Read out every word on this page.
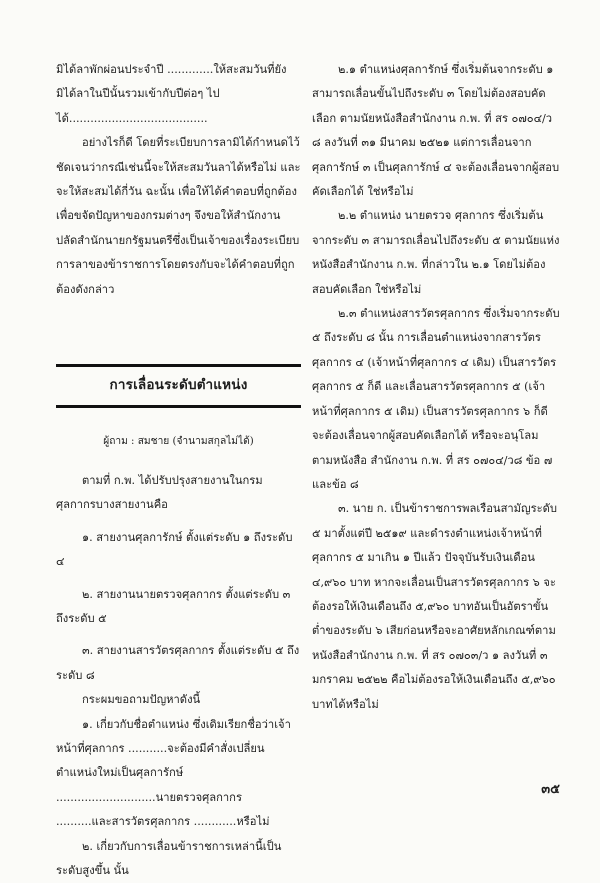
มิได้ลาพักผ่อนประจำปี .............ให้สะสมวันที่ยังมิได้ลาในปีนั้นรวมเข้ากับปีต่อๆ ไปได้.......................................

อย่างไรก็ดี โดยที่ระเบียบการลามิได้กำหนดไว้ชัดเจนว่ากรณีเช่นนี้จะให้สะสมวันลาได้หรือไม่ และจะให้สะสมได้กี่วัน ฉะนั้น เพื่อให้ได้คำตอบที่ถูกต้องเพื่อขจัดปัญหาของกรมต่างๆ จึงขอให้สำนักงานปลัดสำนักนายกรัฐมนตรีซึ่งเป็นเจ้าของเรื่องระเบียบการลาของข้าราชการโดยตรงกับจะได้คำตอบที่ถูกต้องดังกล่าว

การเลื่อนระดับตำแหน่ง
ผู้ถาม : สมชาย (จำนามสกุลไม่ได้)

ตามที่ ก.พ. ได้ปรับปรุงสายงานในกรมศุลกากรบางสายงานคือ

๑. สายงานศุลการักษ์ ตั้งแต่ระดับ ๑ ถึงระดับ ๔

๒. สายงานนายตรวจศุลกากร ตั้งแต่ระดับ ๓ ถึงระดับ ๕

๓. สายงานสารวัตรศุลกากร ตั้งแต่ระดับ ๕ ถึงระดับ ๘

กระผมขอถามปัญหาดังนี้

๑. เกี่ยวกับชื่อตำแหน่ง ซึ่งเดิมเรียกชื่อว่าเจ้าหน้าที่ศุลกากร ...........จะต้องมีคำสั่งเปลี่ยนตำแหน่งใหม่เป็นศุลการักษ์ ............................นายตรวจศุลกากร ..........และสารวัตรศุลกากร ............หรือไม่

๒. เกี่ยวกับการเลื่อนข้าราชการเหล่านี้เป็นระดับสูงขึ้น นั้น

๒.๑ ตำแหน่งศุลการักษ์ ซึ่งเริ่มต้นจากระดับ ๑ สามารถเลื่อนขั้นไปถึงระดับ ๓ โดยไม่ต้องสอบคัดเลือก ตามนัยหนังสือสำนักงาน ก.พ. ที่ สร ๐๗๐๔/ว ๘ ลงวันที่ ๓๑ มีนาคม ๒๕๒๑ แต่การเลื่อนจากศุลการักษ์ ๓ เป็นศุลการักษ์ ๔ จะต้องเลื่อนจากผู้สอบคัดเลือกได้ ใช่หรือไม่

๒.๒ ตำแหน่ง นายตรวจ ศุลกากร ซึ่งเริ่มต้นจากระดับ ๓ สามารถเลื่อนไปถึงระดับ ๕ ตามนัยแห่งหนังสือสำนักงาน ก.พ. ที่กล่าวใน ๒.๑ โดยไม่ต้องสอบคัดเลือก ใช่หรือไม่

๒.๓ ตำแหน่งสารวัตรศุลกากร ซึ่งเริ่มจากระดับ ๕ ถึงระดับ ๘ นั้น การเลื่อนตำแหน่งจากสารวัตรศุลกากร ๔ (เจ้าหน้าที่ศุลกากร ๔ เดิม) เป็นสารวัตรศุลกากร ๕ ก็ดี และเลื่อนสารวัตรศุลกากร ๕ (เจ้าหน้าที่ศุลกากร ๕ เดิม) เป็นสารวัตรศุลกากร ๖ ก็ดี จะต้องเลื่อนจากผู้สอบคัดเลือกได้ หรือจะอนุโลม ตามหนังสือ สำนักงาน ก.พ. ที่ สร ๐๗๐๔/ว๘ ข้อ ๗ และข้อ ๘

๓. นาย ก. เป็นข้าราชการพลเรือนสามัญระดับ ๕ มาตั้งแต่ปี ๒๕๑๙ และดำรงตำแหน่งเจ้าหน้าที่ศุลกากร ๕ มาเกิน ๑ ปีแล้ว ปัจจุบันรับเงินเดือน ๔,๙๖๐ บาท หากจะเลื่อนเป็นสารวัตรศุลกากร ๖ จะต้องรอให้เงินเดือนถึง ๕,๙๖๐ บาทอันเป็นอัตราขั้นต่ำของระดับ ๖ เสียก่อนหรือจะอาศัยหลักเกณฑ์ตามหนังสือสำนักงาน ก.พ. ที่ สร ๐๗๐๓/ว ๑ ลงวันที่ ๓ มกราคม ๒๕๒๒ คือไม่ต้องรอให้เงินเดือนถึง ๕,๙๖๐ บาทได้หรือไม่

๓๕
